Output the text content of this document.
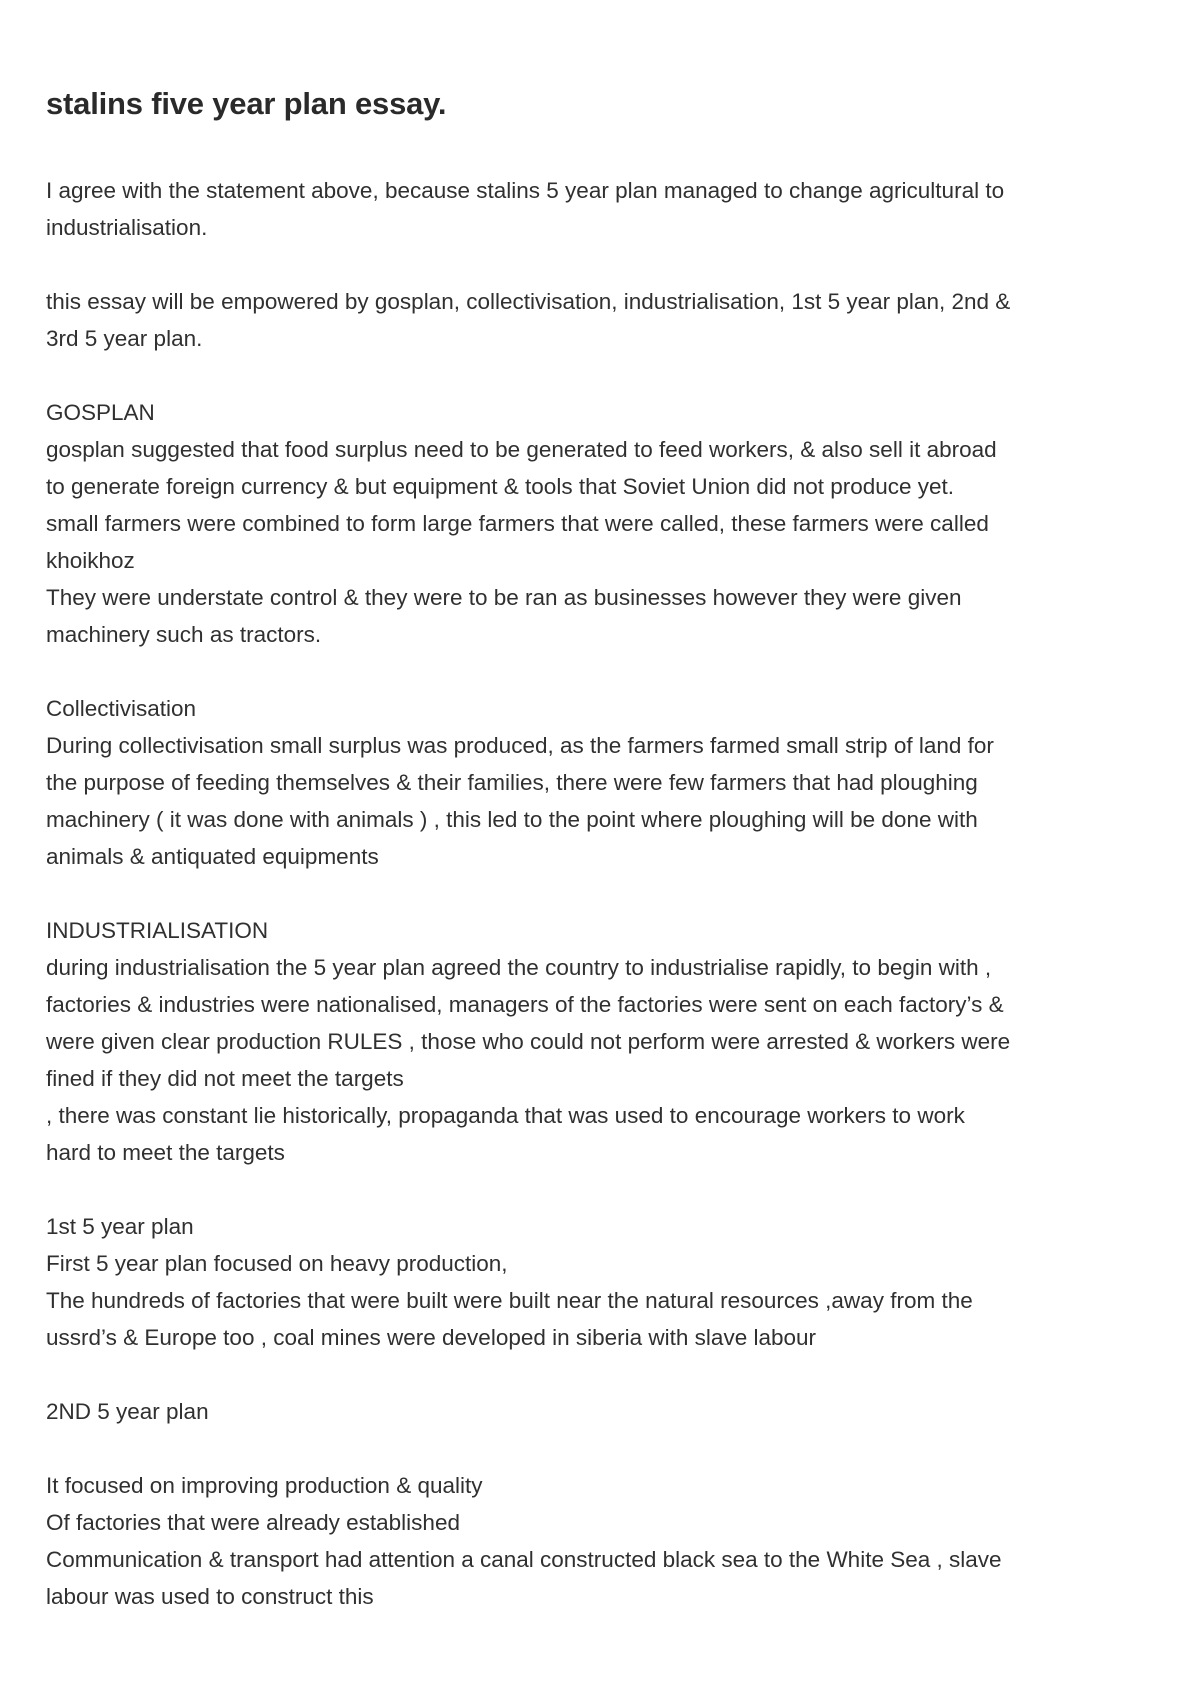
stalins five year plan essay.
I agree with the statement above, because stalins 5 year plan managed to change agricultural to
industrialisation.
this essay will be empowered by gosplan, collectivisation, industrialisation, 1st 5 year plan, 2nd &
3rd 5 year plan.
GOSPLAN
gosplan suggested that food surplus need to be generated to feed workers, & also sell it abroad
to generate foreign currency & but equipment & tools that Soviet Union did not produce yet.
small farmers were combined to form large farmers that were called, these farmers were called
khoikhoz
They were understate control & they were to be ran as businesses however they were given
machinery such as tractors.
Collectivisation
During collectivisation small surplus was produced, as the farmers farmed small strip of land for
the purpose of feeding themselves & their families, there were few farmers that had ploughing
machinery ( it was done with animals ) , this led to the point where ploughing will be done with
animals & antiquated equipments
INDUSTRIALISATION
during industrialisation the 5 year plan agreed the country to industrialise rapidly, to begin with ,
factories & industries were nationalised, managers of the factories were sent on each factory’s &
were given clear production RULES , those who could not perform were arrested & workers were
fined if they did not meet the targets
, there was constant lie historically, propaganda that was used to encourage workers to work
hard to meet the targets
1st 5 year plan
First 5 year plan focused on heavy production,
The hundreds of factories that were built were built near the natural resources ,away from the
ussrd’s & Europe too , coal mines were developed in siberia with slave labour
2ND 5 year plan
It focused on improving production & quality
Of factories that were already established
Communication & transport had attention a canal constructed black sea to the White Sea , slave
labour was used to construct this
